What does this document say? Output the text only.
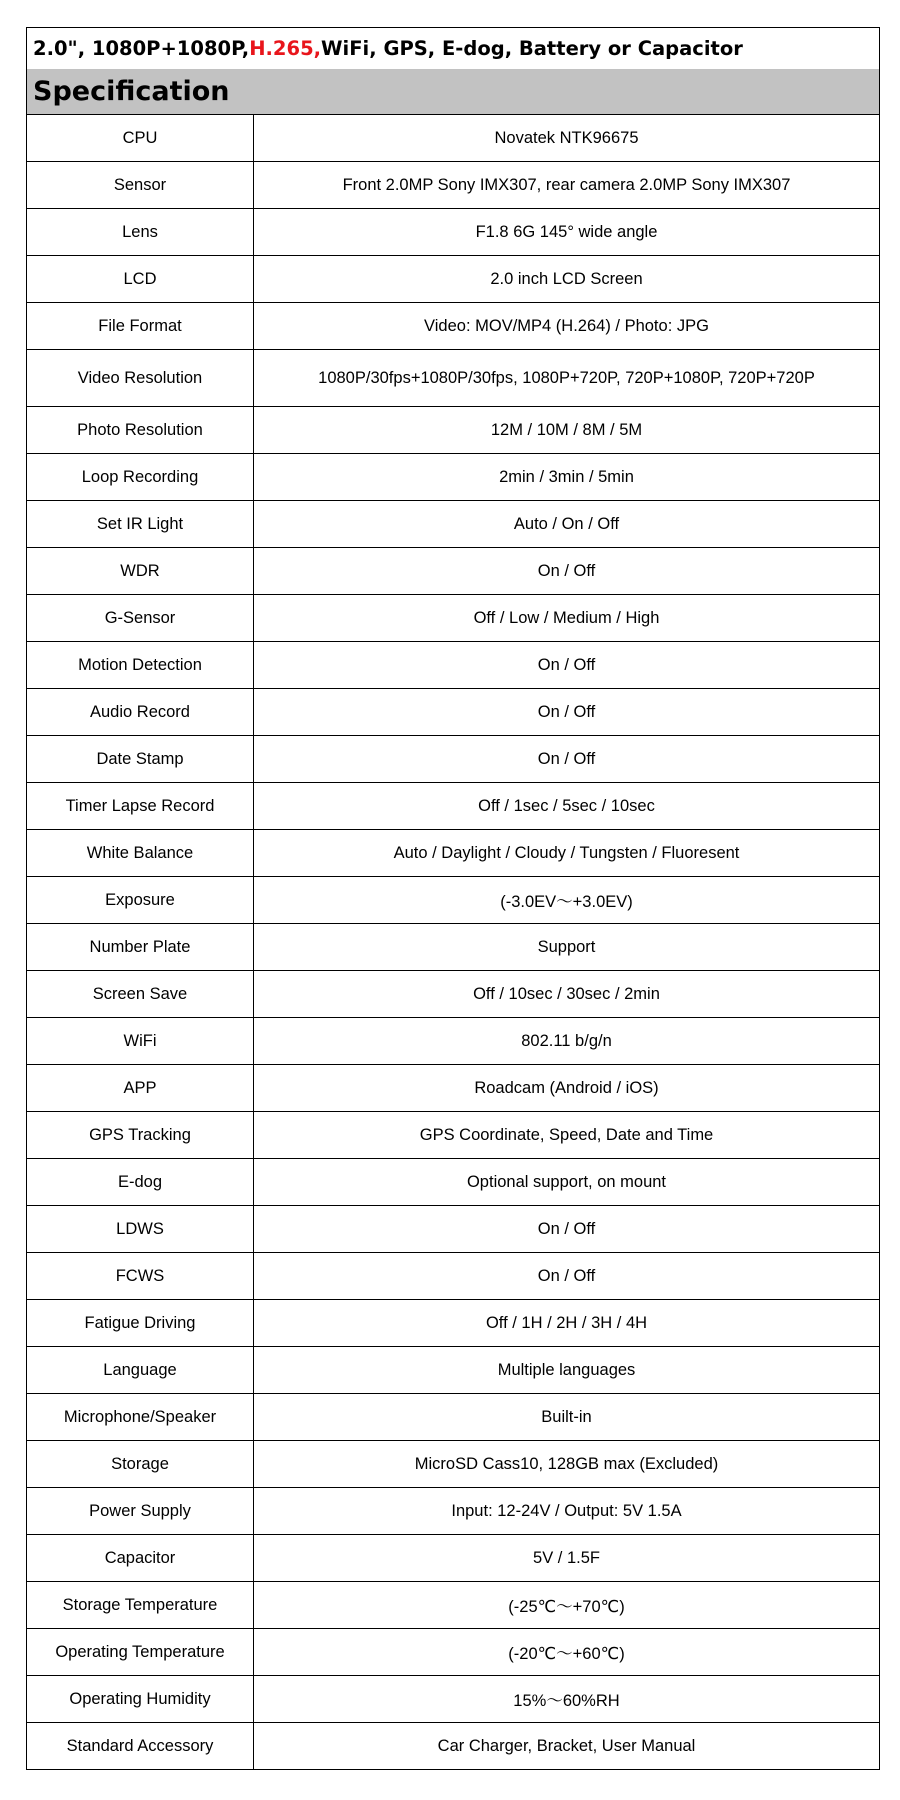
2.0", 1080P+1080P, H.265, WiFi, GPS, E-dog, Battery or Capacitor
Specification
CPU	Novatek NTK96675
Sensor	Front 2.0MP Sony IMX307, rear camera 2.0MP Sony IMX307
Lens	F1.8 6G 145° wide angle
LCD	2.0 inch LCD Screen
File Format	Video: MOV/MP4 (H.264) / Photo: JPG
Video Resolution	1080P/30fps+1080P/30fps, 1080P+720P, 720P+1080P, 720P+720P
Photo Resolution	12M / 10M / 8M / 5M
Loop Recording	2min / 3min / 5min
Set IR Light	Auto / On / Off
WDR	On / Off
G-Sensor	Off / Low / Medium / High
Motion Detection	On / Off
Audio Record	On / Off
Date Stamp	On / Off
Timer Lapse Record	Off / 1sec / 5sec / 10sec
White Balance	Auto / Daylight / Cloudy / Tungsten / Fluoresent
Exposure	(-3.0EV～+3.0EV)
Number Plate	Support
Screen Save	Off / 10sec / 30sec / 2min
WiFi	802.11 b/g/n
APP	Roadcam (Android / iOS)
GPS Tracking	GPS Coordinate, Speed, Date and Time
E-dog	Optional support, on mount
LDWS	On / Off
FCWS	On / Off
Fatigue Driving	Off / 1H / 2H / 3H / 4H
Language	Multiple languages
Microphone/Speaker	Built-in
Storage	MicroSD Cass10, 128GB max (Excluded)
Power Supply	Input: 12-24V / Output: 5V 1.5A
Capacitor	5V / 1.5F
Storage Temperature	(-25℃～+70℃)
Operating Temperature	(-20℃～+60℃)
Operating Humidity	15%～60%RH
Standard Accessory	Car Charger, Bracket, User Manual
